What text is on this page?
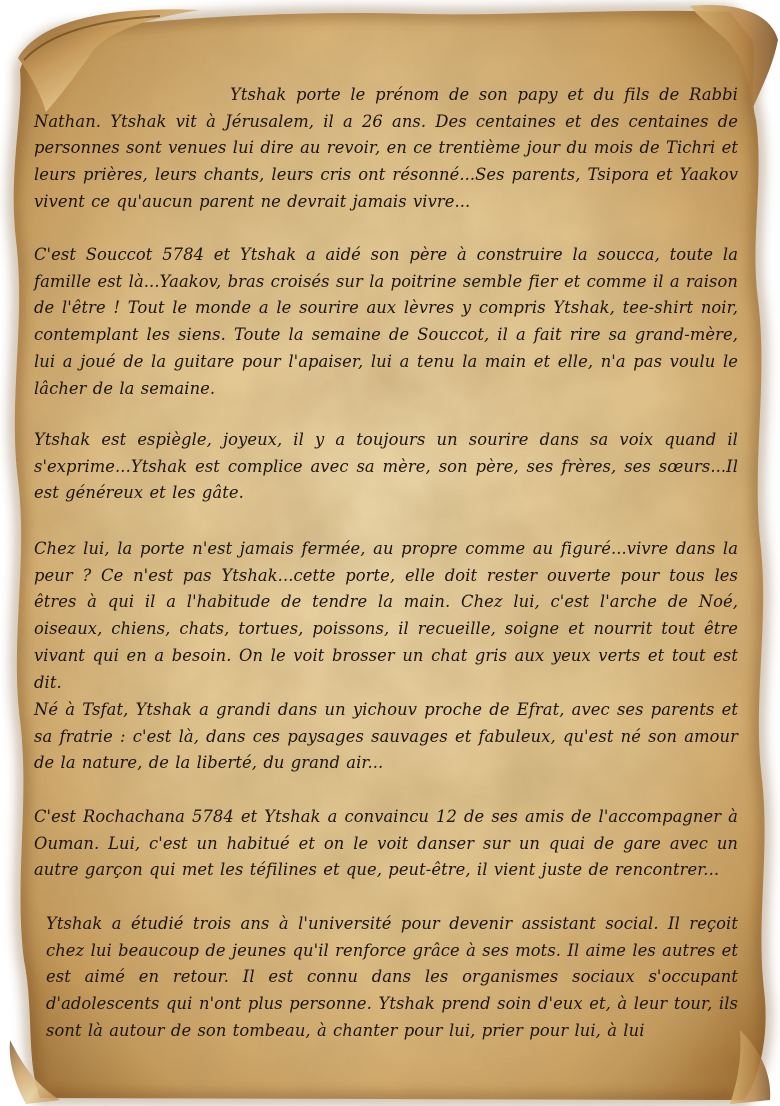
Ytshak porte le prénom de son papy et du fils de Rabbi Nathan. Ytshak vit à Jérusalem, il a 26 ans. Des centaines et des centaines de personnes sont venues lui dire au revoir, en ce trentième jour du mois de Tichri et leurs prières, leurs chants, leurs cris ont résonné...Ses parents, Tsipora et Yaakov vivent ce qu'aucun parent ne devrait jamais vivre...

C'est Souccot 5784 et Ytshak a aidé son père à construire la soucca, toute la famille est là...Yaakov, bras croisés sur la poitrine semble fier et comme il a raison de l'être ! Tout le monde a le sourire aux lèvres y compris Ytshak, tee-shirt noir, contemplant les siens. Toute la semaine de Souccot, il a fait rire sa grand-mère, lui a joué de la guitare pour l'apaiser, lui a tenu la main et elle, n'a pas voulu le lâcher de la semaine.

Ytshak est espiègle, joyeux, il y a toujours un sourire dans sa voix quand il s'exprime...Ytshak est complice avec sa mère, son père, ses frères, ses sœurs...Il est généreux et les gâte.

Chez lui, la porte n'est jamais fermée, au propre comme au figuré...vivre dans la peur ? Ce n'est pas Ytshak...cette porte, elle doit rester ouverte pour tous les êtres à qui il a l'habitude de tendre la main. Chez lui, c'est l'arche de Noé, oiseaux, chiens, chats, tortues, poissons, il recueille, soigne et nourrit tout être vivant qui en a besoin. On le voit brosser un chat gris aux yeux verts et tout est dit.

Né à Tsfat, Ytshak a grandi dans un yichouv proche de Efrat, avec ses parents et sa fratrie : c'est là, dans ces paysages sauvages et fabuleux, qu'est né son amour de la nature, de la liberté, du grand air...

C'est Rochachana 5784 et Ytshak a convaincu 12 de ses amis de l'accompagner à Ouman. Lui, c'est un habitué et on le voit danser sur un quai de gare avec un autre garçon qui met les téfilines et que, peut-être, il vient juste de rencontrer...

Ytshak a étudié trois ans à l'université pour devenir assistant social. Il reçoit chez lui beaucoup de jeunes qu'il renforce grâce à ses mots. Il aime les autres et est aimé en retour. Il est connu dans les organismes sociaux s'occupant d'adolescents qui n'ont plus personne. Ytshak prend soin d'eux et, à leur tour, ils sont là autour de son tombeau, à chanter pour lui, prier pour lui, à lui
